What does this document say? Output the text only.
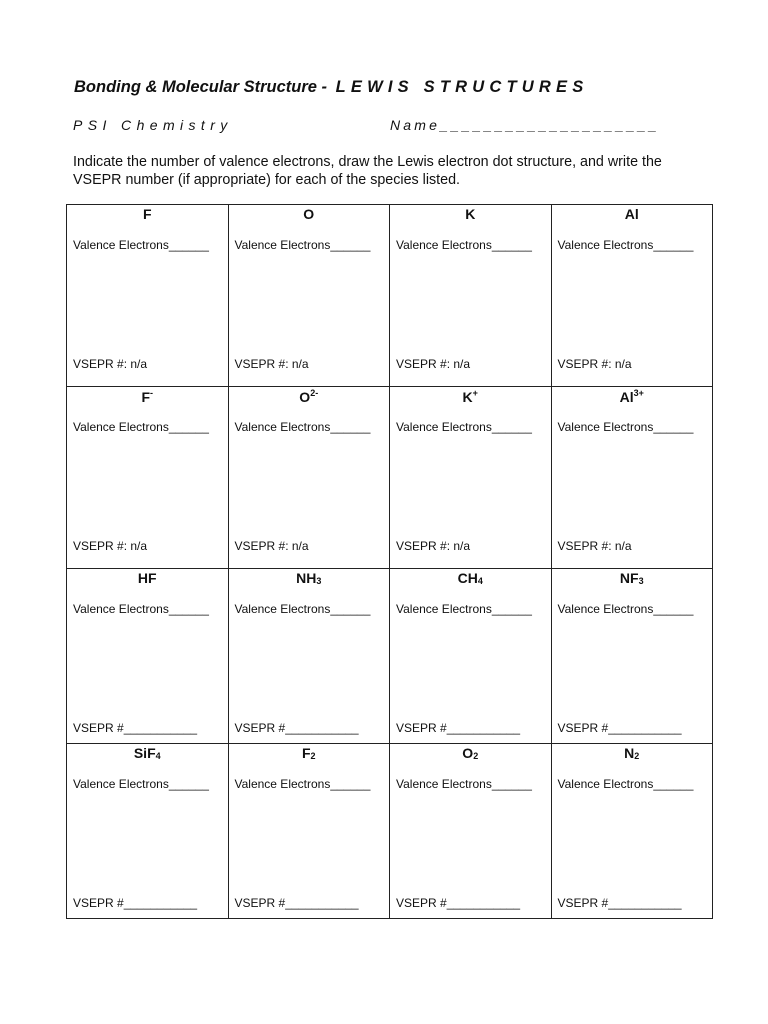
Bonding & Molecular Structure - LEWIS STRUCTURES
PSI Chemistry	Name____________________
Indicate the number of valence electrons, draw the Lewis electron dot structure, and write the VSEPR number (if appropriate) for each of the species listed.
F
Valence Electrons______
VSEPR #: n/a
O
Valence Electrons______
VSEPR #: n/a
K
Valence Electrons______
VSEPR #: n/a
Al
Valence Electrons______
VSEPR #: n/a
F-
Valence Electrons______
VSEPR #: n/a
$O^{2-}$
Valence Electrons______
VSEPR #: n/a
K+
Valence Electrons______
VSEPR #: n/a
$Al^{3+}$
Valence Electrons______
VSEPR #: n/a
HF
Valence Electrons______
VSEPR #___________
$NH_3$
Valence Electrons______
VSEPR #___________
$CH_4$
Valence Electrons______
VSEPR #___________
$NF_3$
Valence Electrons______
VSEPR #___________
SiF$_4$
Valence Electrons______
VSEPR #___________
$F_2$
Valence Electrons______
VSEPR #___________
$O_2$
Valence Electrons______
VSEPR #___________
$N_2$
Valence Electrons______
VSEPR #___________
